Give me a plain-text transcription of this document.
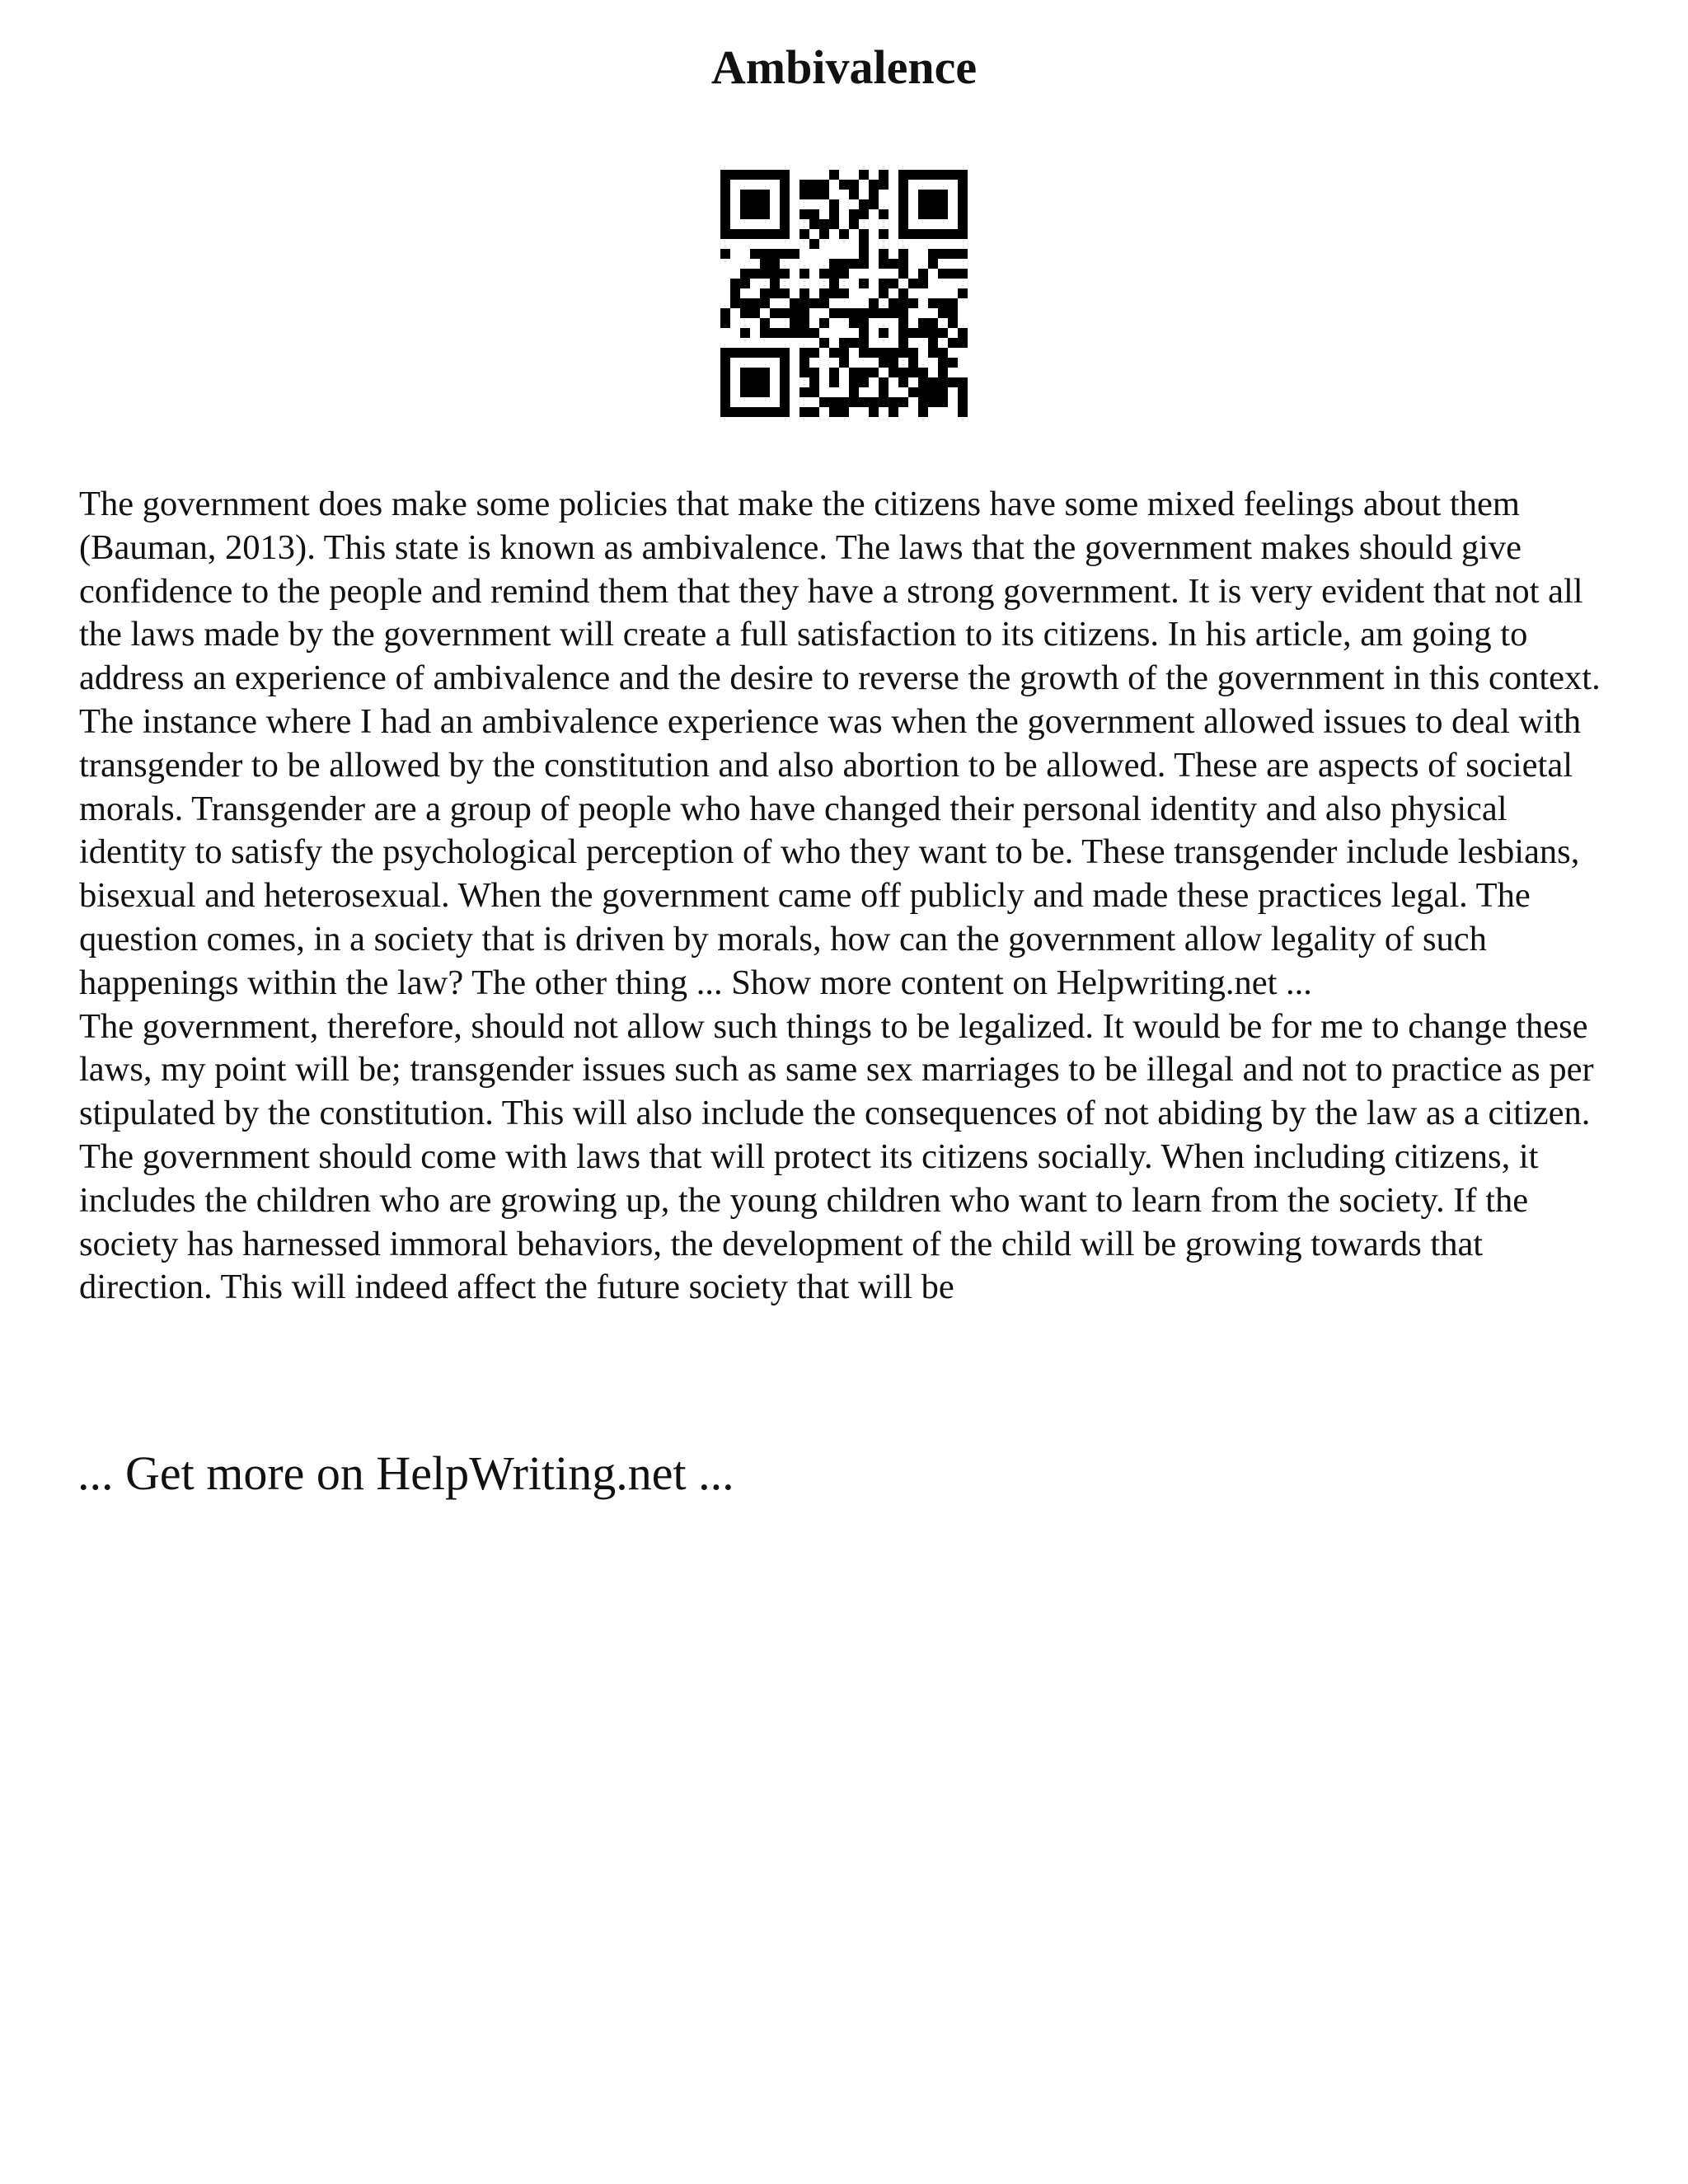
Ambivalence

The government does make some policies that make the citizens have some mixed feelings about them (Bauman, 2013). This state is known as ambivalence. The laws that the government makes should give confidence to the people and remind them that they have a strong government. It is very evident that not all the laws made by the government will create a full satisfaction to its citizens. In his article, am going to address an experience of ambivalence and the desire to reverse the growth of the government in this context.

The instance where I had an ambivalence experience was when the government allowed issues to deal with transgender to be allowed by the constitution and also abortion to be allowed. These are aspects of societal morals. Transgender are a group of people who have changed their personal identity and also physical identity to satisfy the psychological perception of who they want to be. These transgender include lesbians, bisexual and heterosexual. When the government came off publicly and made these practices legal. The question comes, in a society that is driven by morals, how can the government allow legality of such happenings within the law? The other thing ... Show more content on Helpwriting.net ...

The government, therefore, should not allow such things to be legalized. It would be for me to change these laws, my point will be; transgender issues such as same sex marriages to be illegal and not to practice as per stipulated by the constitution. This will also include the consequences of not abiding by the law as a citizen. The government should come with laws that will protect its citizens socially. When including citizens, it includes the children who are growing up, the young children who want to learn from the society. If the society has harnessed immoral behaviors, the development of the child will be growing towards that direction. This will indeed affect the future society that will be

... Get more on HelpWriting.net ...
